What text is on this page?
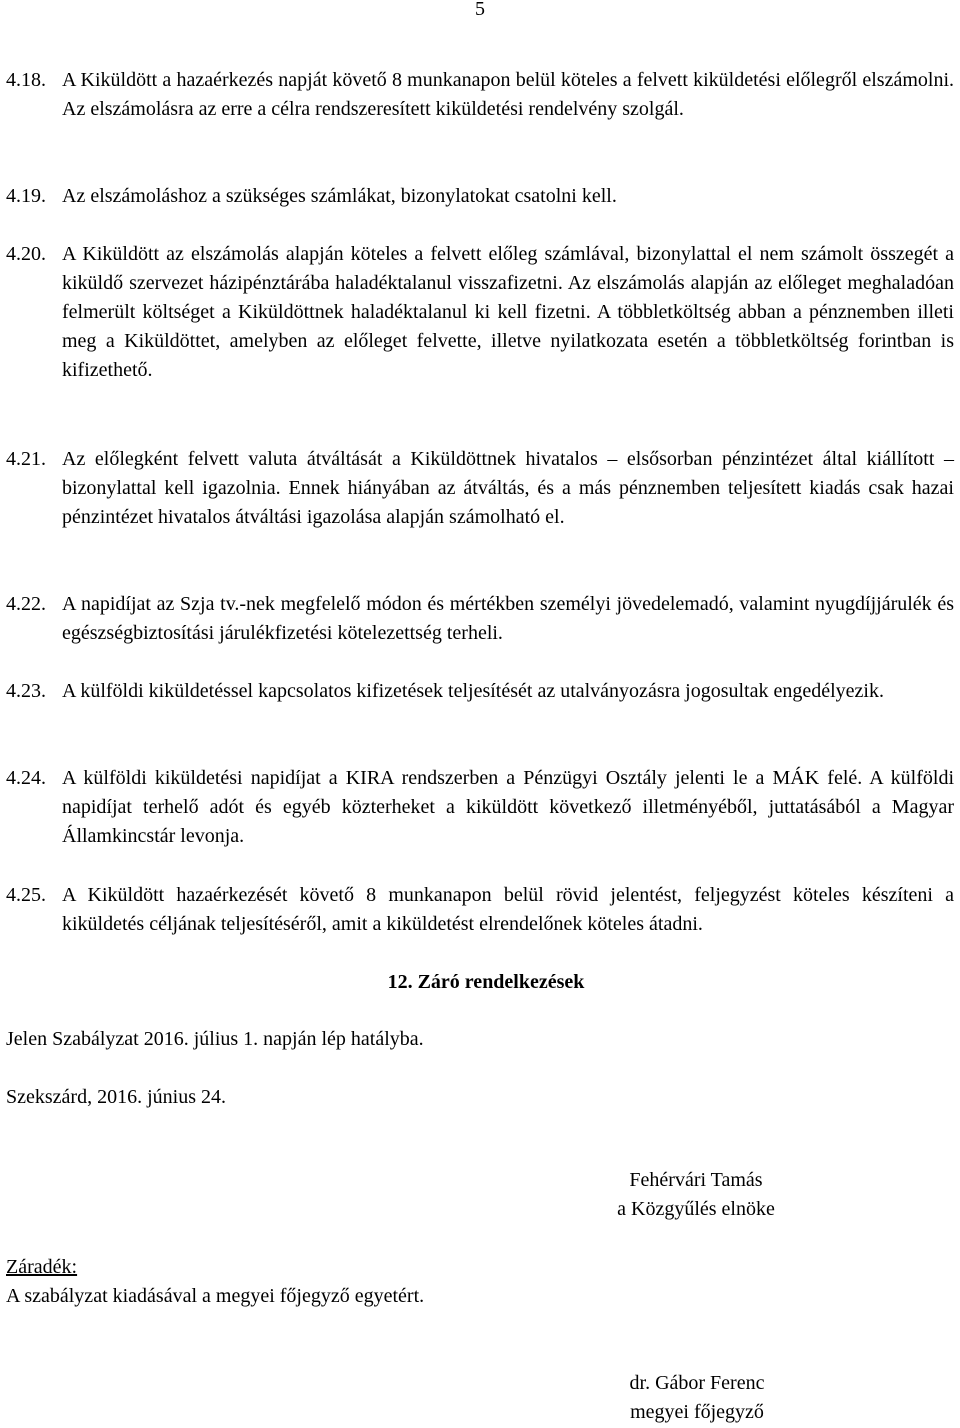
5
4.18. A Kiküldött a hazaérkezés napját követő 8 munkanapon belül köteles a felvett kiküldetési előlegről elszámolni. Az elszámolásra az erre a célra rendszeresített kiküldetési rendelvény szolgál.
4.19. Az elszámoláshoz a szükséges számlákat, bizonylatokat csatolni kell.
4.20. A Kiküldött az elszámolás alapján köteles a felvett előleg számlával, bizonylattal el nem számolt összegét a kiküldő szervezet házipénztárába haladéktalanul visszafizetni. Az elszámolás alapján az előleget meghaladóan felmerült költséget a Kiküldöttnek haladéktalanul ki kell fizetni. A többletköltség abban a pénznemben illeti meg a Kiküldöttet, amelyben az előleget felvette, illetve nyilatkozata esetén a többletköltség forintban is kifizethető.
4.21. Az előlegként felvett valuta átváltását a Kiküldöttnek hivatalos – elsősorban pénzintézet által kiállított – bizonylattal kell igazolnia. Ennek hiányában az átváltás, és a más pénznemben teljesített kiadás csak hazai pénzintézet hivatalos átváltási igazolása alapján számolható el.
4.22. A napidíjat az Szja tv.-nek megfelelő módon és mértékben személyi jövedelemadó, valamint nyugdíjjárulék és egészségbiztosítási járulékfizetési kötelezettség terheli.
4.23. A külföldi kiküldetéssel kapcsolatos kifizetések teljesítését az utalványozásra jogosultak engedélyezik.
4.24. A külföldi kiküldetési napidíjat a KIRA rendszerben a Pénzügyi Osztály jelenti le a MÁK felé. A külföldi napidíjat terhelő adót és egyéb közterheket a kiküldött következő illetményéből, juttatásából a Magyar Államkincstár levonja.
4.25. A Kiküldött hazaérkezését követő 8 munkanapon belül rövid jelentést, feljegyzést köteles készíteni a kiküldetés céljának teljesítéséről, amit a kiküldetést elrendelőnek köteles átadni.
12. Záró rendelkezések
Jelen Szabályzat 2016. július 1. napján lép hatályba.
Szekszárd, 2016. június 24.
Fehérvári Tamás
a Közgyűlés elnöke
Záradék:
A szabályzat kiadásával a megyei főjegyző egyetért.
dr. Gábor Ferenc
megyei főjegyző
